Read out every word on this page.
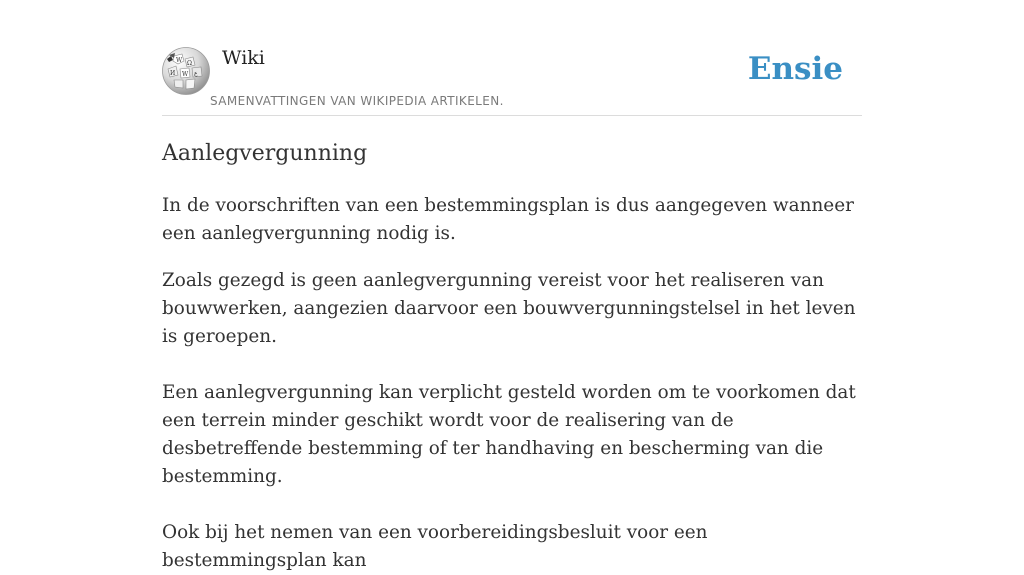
W Ω
И W ع
Wiki
SAMENVATTINGEN VAN WIKIPEDIA ARTIKELEN.
Ensie
Aanlegvergunning

In de voorschriften van een bestemmingsplan is dus aangegeven wanneer een aanlegvergunning nodig is.

Zoals gezegd is geen aanlegvergunning vereist voor het realiseren van bouwwerken, aangezien daarvoor een bouwvergunningstelsel in het leven is geroepen.

Een aanlegvergunning kan verplicht gesteld worden om te voorkomen dat een terrein minder geschikt wordt voor de realisering van de desbetreffende bestemming of ter handhaving en bescherming van die bestemming.

Ook bij het nemen van een voorbereidingsbesluit voor een bestemmingsplan kan
